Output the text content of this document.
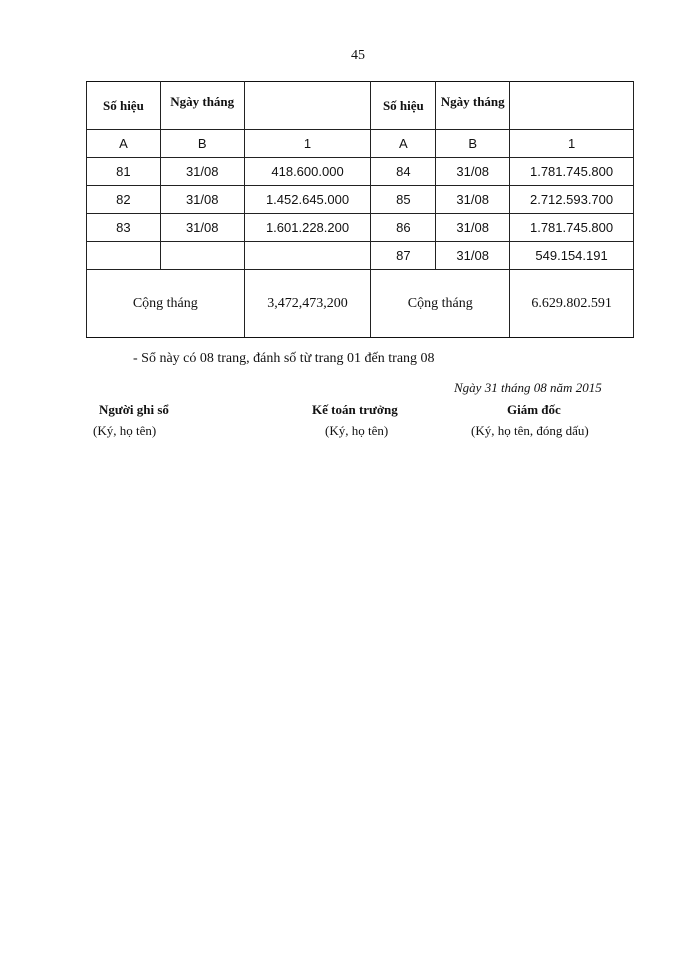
45
Số hiệu	Ngày tháng		Số hiệu	Ngày tháng	

A	B	1	A	B	1
81	31/08	418.600.000	84	31/08	1.781.745.800
82	31/08	1.452.645.000	85	31/08	2.712.593.700
83	31/08	1.601.228.200	86	31/08	1.781.745.800
			87	31/08	549.154.191
Cộng tháng		3,472,473,200	Cộng tháng		6.629.802.591
- Sổ này có 08 trang, đánh số từ trang 01 đến trang 08
Ngày 31 tháng 08 năm 2015
Người ghi sổ
(Ký, họ tên)
Kế toán trưởng
(Ký, họ tên)
Giám đốc
(Ký, họ tên, đóng dấu)
